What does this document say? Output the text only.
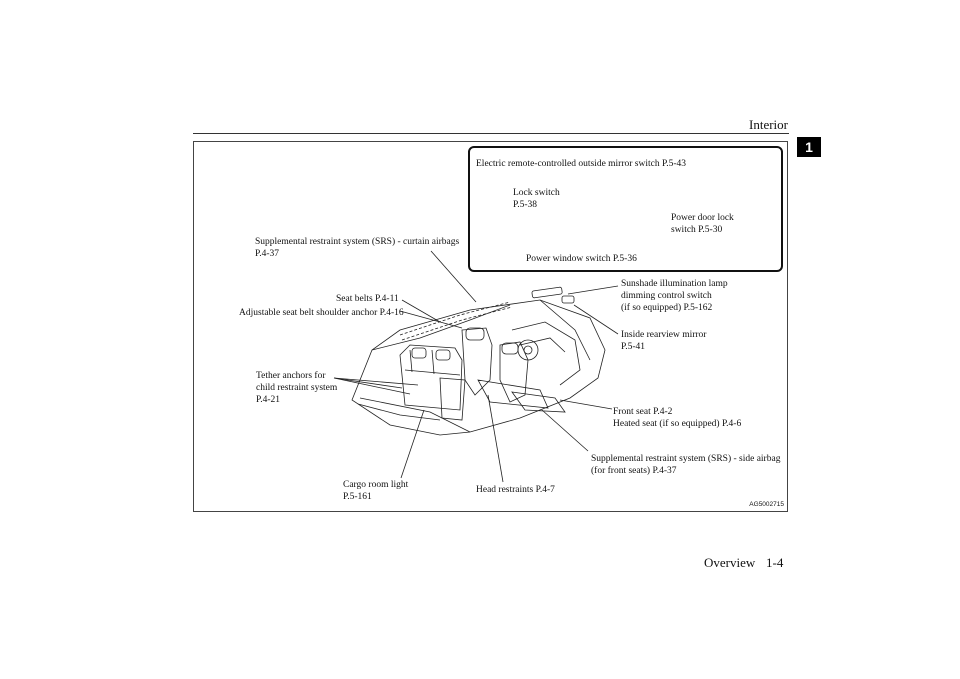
Interior
1
Electric remote-controlled outside mirror switch P.5-43
Lock switch
P.5-38
Power door lock
switch P.5-30
Power window switch P.5-36
Supplemental restraint system (SRS) - curtain airbags
P.4-37
Seat belts P.4-11
Adjustable seat belt shoulder anchor P.4-16
Tether anchors for
child restraint system
P.4-21
Cargo room light
P.5-161
Head restraints P.4-7
Sunshade illumination lamp
dimming control switch
(if so equipped) P.5-162
Inside rearview mirror
P.5-41
Front seat P.4-2
Heated seat (if so equipped) P.4-6
Supplemental restraint system (SRS) - side airbag
(for front seats) P.4-37
AG5002715
Overview 1-4
